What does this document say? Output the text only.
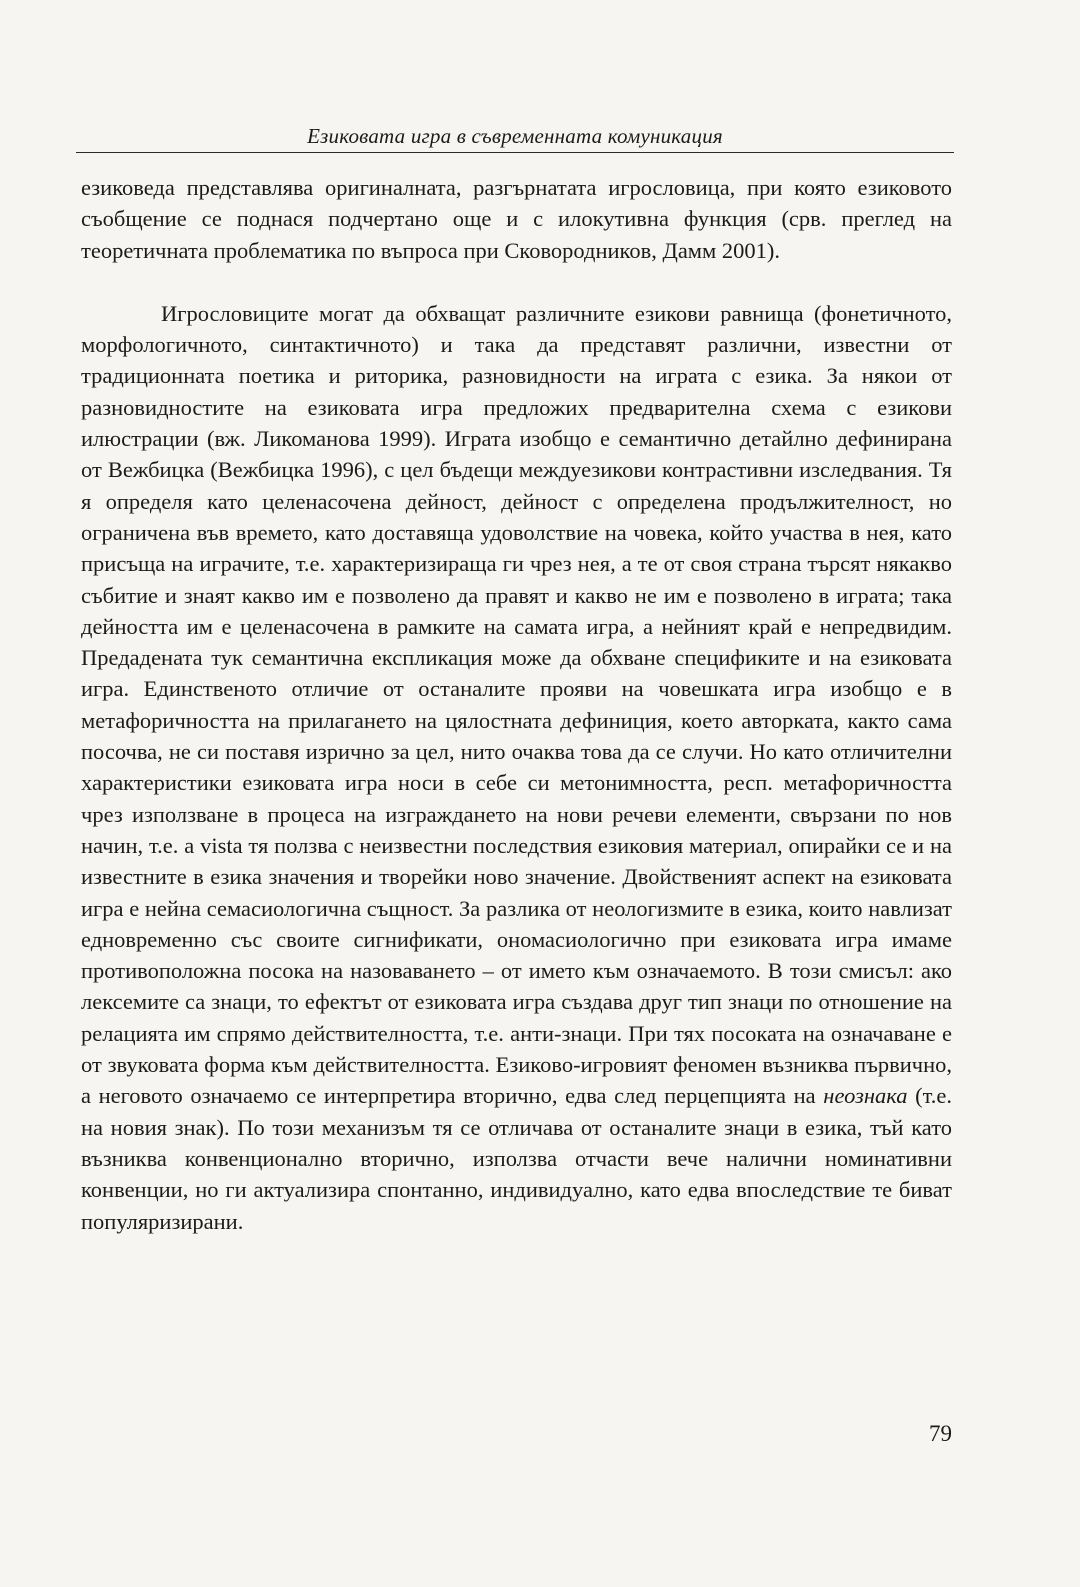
Езиковата игра в съвременната комуникация

езиковеда представлява оригиналната, разгърнатата игрословица, при която езиковото съобщение се поднася подчертано още и с илокутивна функция (срв. преглед на теоретичната проблематика по въпроса при Сковородников, Дамм 2001).

Игрословиците могат да обхващат различните езикови равнища (фонетичното, морфологичното, синтактичното) и така да представят различни, известни от традиционната поетика и риторика, разновидности на играта с езика. За някои от разновидностите на езиковата игра предложих предварителна схема с езикови илюстрации (вж. Ликоманова 1999). Играта изобщо е семантично детайлно дефинирана от Вежбицка (Вежбицка 1996), с цел бъдещи междуезикови контрастивни изследвания. Тя я определя като целенасочена дейност, дейност с определена продължителност, но ограничена във времето, като доставяща удоволствие на човека, който участва в нея, като присъща на играчите, т.е. характеризираща ги чрез нея, а те от своя страна търсят някакво събитие и знаят какво им е позволено да правят и какво не им е позволено в играта; така дейността им е целенасочена в рамките на самата игра, а нейният край е непредвидим. Предадената тук семантична експликация може да обхване спецификите и на езиковата игра. Единственото отличие от останалите прояви на човешката игра изобщо е в метафоричността на прилагането на цялостната дефиниция, което авторката, както сама посочва, не си поставя изрично за цел, нито очаква това да се случи. Но като отличителни характеристики езиковата игра носи в себе си метонимността, респ. метафоричността чрез използване в процеса на изграждането на нови речеви елементи, свързани по нов начин, т.е. a vista тя ползва с неизвестни последствия езиковия материал, опирайки се и на известните в езика значения и творейки ново значение. Двойственият аспект на езиковата игра е нейна семасиологична същност. За разлика от неологизмите в езика, които навлизат едновременно със своите сигнификати, ономасиологично при езиковата игра имаме противоположна посока на назоваването – от името към означаемото. В този смисъл: ако лексемите са знаци, то ефектът от езиковата игра създава друг тип знаци по отношение на релацията им спрямо действителността, т.е. анти-знаци. При тях посоката на означаване е от звуковата форма към действителността. Езиково-игровият феномен възниква първично, а неговото означаемо се интерпретира вторично, едва след перцепцията на неознака (т.е. на новия знак). По този механизъм тя се отличава от останалите знаци в езика, тъй като възниква конвенционално вторично, използва отчасти вече налични номинативни конвенции, но ги актуализира спонтанно, индивидуално, като едва впоследствие те биват популяризирани.

79
